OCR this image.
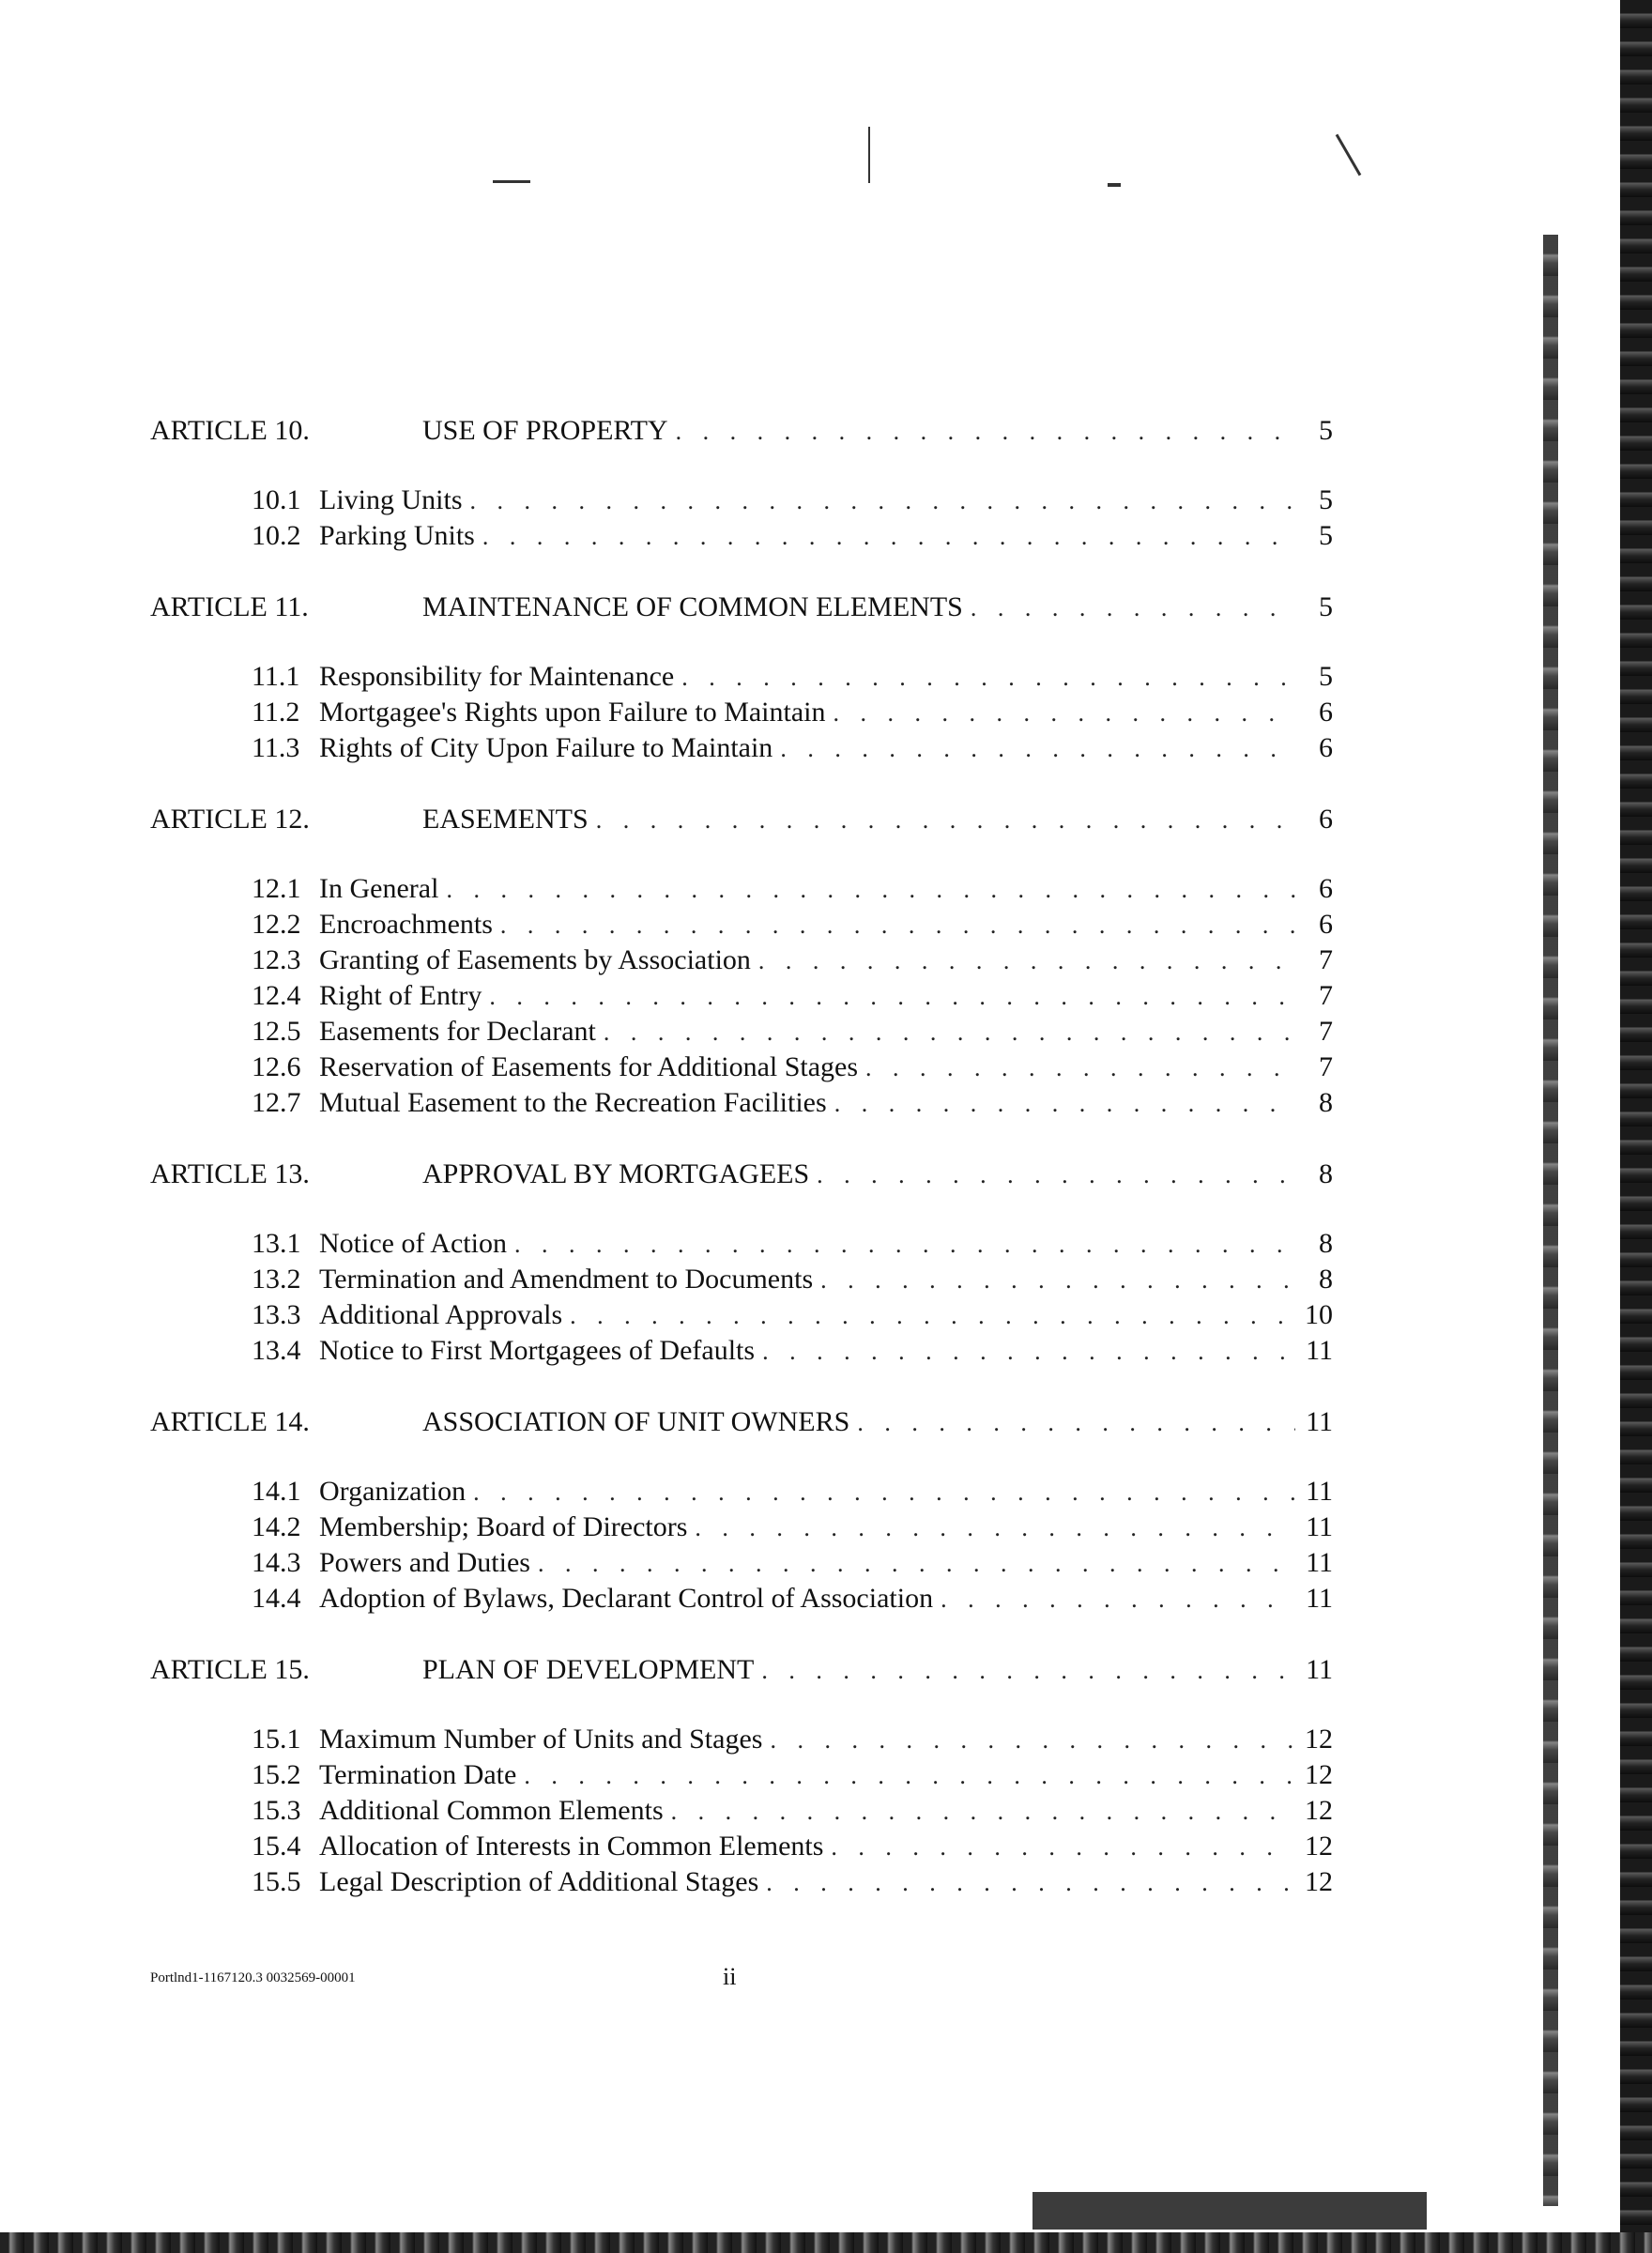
ARTICLE 10.	USE OF PROPERTY . . .	5
10.1 Living Units . . .	5
10.2 Parking Units . . .	5
ARTICLE 11.	MAINTENANCE OF COMMON ELEMENTS . . .	5
11.1 Responsibility for Maintenance . . .	5
11.2 Mortgagee's Rights upon Failure to Maintain . . .	6
11.3 Rights of City Upon Failure to Maintain . . .	6
ARTICLE 12.	EASEMENTS . . .	6
12.1 In General . . .	6
12.2 Encroachments . . .	6
12.3 Granting of Easements by Association . . .	7
12.4 Right of Entry . . .	7
12.5 Easements for Declarant . . .	7
12.6 Reservation of Easements for Additional Stages . . .	7
12.7 Mutual Easement to the Recreation Facilities . . .	8
ARTICLE 13.	APPROVAL BY MORTGAGEES . . .	8
13.1 Notice of Action . . .	8
13.2 Termination and Amendment to Documents . . .	8
13.3 Additional Approvals . . .	10
13.4 Notice to First Mortgagees of Defaults . . .	11
ARTICLE 14.	ASSOCIATION OF UNIT OWNERS . . .	11
14.1 Organization . . .	11
14.2 Membership; Board of Directors . . .	11
14.3 Powers and Duties . . .	11
14.4 Adoption of Bylaws, Declarant Control of Association . . .	11
ARTICLE 15.	PLAN OF DEVELOPMENT . . .	11
15.1 Maximum Number of Units and Stages . . .	12
15.2 Termination Date . . .	12
15.3 Additional Common Elements . . .	12
15.4 Allocation of Interests in Common Elements . . .	12
15.5 Legal Description of Additional Stages . . .	12
Portlnd1-1167120.3 0032569-00001	ii
